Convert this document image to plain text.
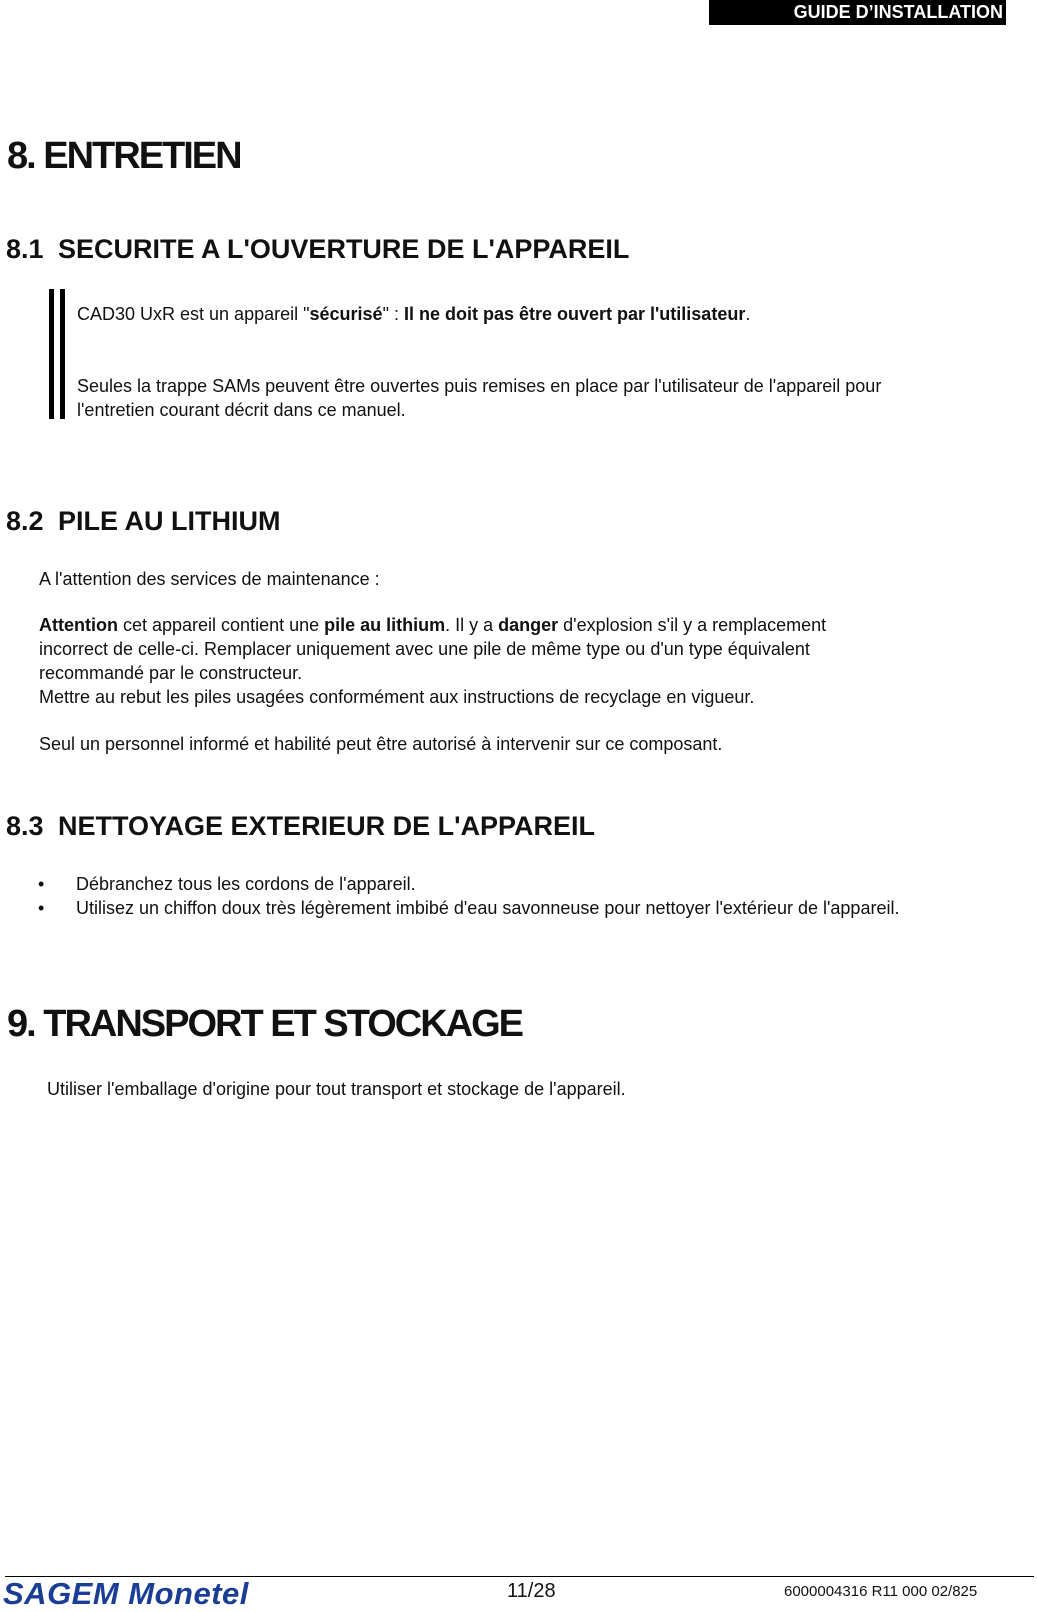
GUIDE D’INSTALLATION
8. ENTRETIEN
8.1 SECURITE A L'OUVERTURE DE L'APPAREIL
CAD30 UxR est un appareil "sécurisé" : Il ne doit pas être ouvert par l'utilisateur.
Seules la trappe SAMs peuvent être ouvertes puis remises en place par l'utilisateur de l'appareil pour
l'entretien courant décrit dans ce manuel.
8.2 PILE AU LITHIUM
A l'attention des services de maintenance :
Attention cet appareil contient une pile au lithium. Il y a danger d'explosion s'il y a remplacement
incorrect de celle-ci. Remplacer uniquement avec une pile de même type ou d'un type équivalent
recommandé par le constructeur.
Mettre au rebut les piles usagées conformément aux instructions de recyclage en vigueur.
Seul un personnel informé et habilité peut être autorisé à intervenir sur ce composant.
8.3 NETTOYAGE EXTERIEUR DE L'APPAREIL
• Débranchez tous les cordons de l'appareil.
• Utilisez un chiffon doux très légèrement imbibé d'eau savonneuse pour nettoyer l'extérieur de l'appareil.
9. TRANSPORT ET STOCKAGE
Utiliser l'emballage d'origine pour tout transport et stockage de l'appareil.
SAGEM Monetel	11/28	6000004316 R11 000 02/825
